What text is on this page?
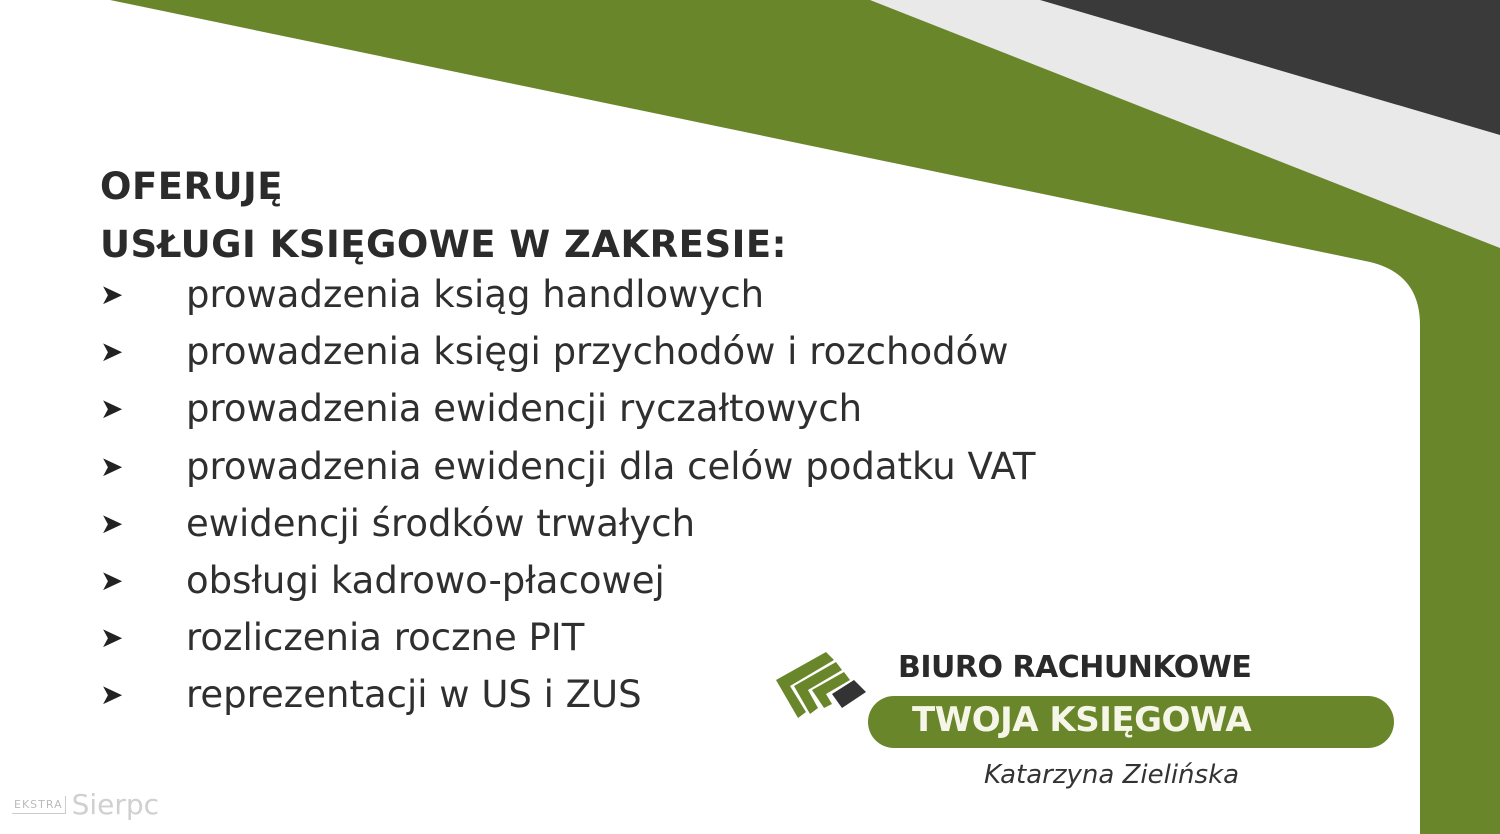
OFERUJĘ
USŁUGI KSIĘGOWE W ZAKRESIE:
➤	prowadzenia ksiąg handlowych
➤	prowadzenia księgi przychodów i rozchodów
➤	prowadzenia ewidencji ryczałtowych
➤	prowadzenia ewidencji dla celów podatku VAT
➤	ewidencji środków trwałych
➤	obsługi kadrowo-płacowej
➤	rozliczenia roczne PIT
➤	reprezentacji w US i ZUS
BIURO RACHUNKOWE
TWOJA KSIĘGOWA
Katarzyna Zielińska
EKSTRA Sierpc
